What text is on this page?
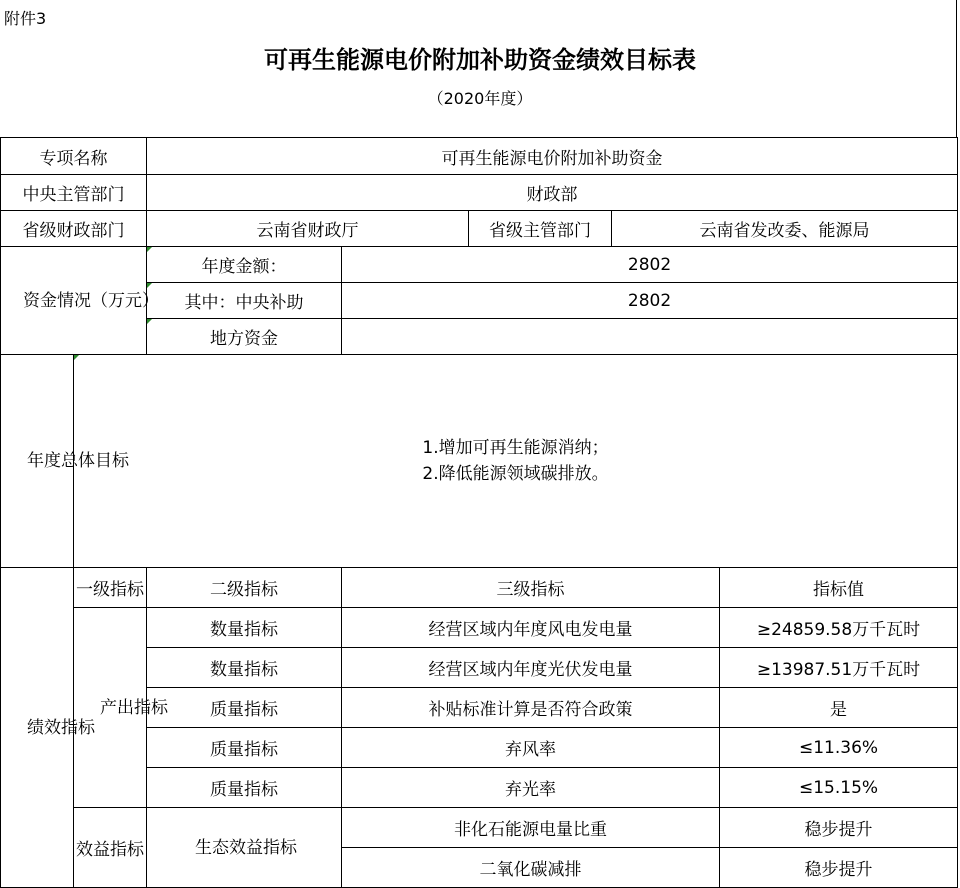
附件3
可再生能源电价附加补助资金绩效目标表
（2020年度）
专项名称		可再生能源电价附加补助资金				
中央主管部门		财政部				
省级财政部门		云南省财政厅		省级主管部门	云南省发改委、能源局	
资金情况（万元）		年度金额：	2802			

其中：中央补助	2802			

地方资金				
年度总体目标	1.增加可再生能源消纳；
2.降低能源领域碳排放。					

绩效指标	一级指标	二级指标	三级指标			指标值
	产出指标	数量指标	经营区域内年度风电发电量			≥24859.58万千瓦时
		数量指标	经营区域内年度光伏发电量			≥13987.51万千瓦时
		质量指标	补贴标准计算是否符合政策			是
		质量指标	弃风率			≤11.36%
		质量指标	弃光率			≤15.15%
	效益指标	生态效益指标	非化石能源电量比重			稳步提升
			二氧化碳减排			稳步提升
